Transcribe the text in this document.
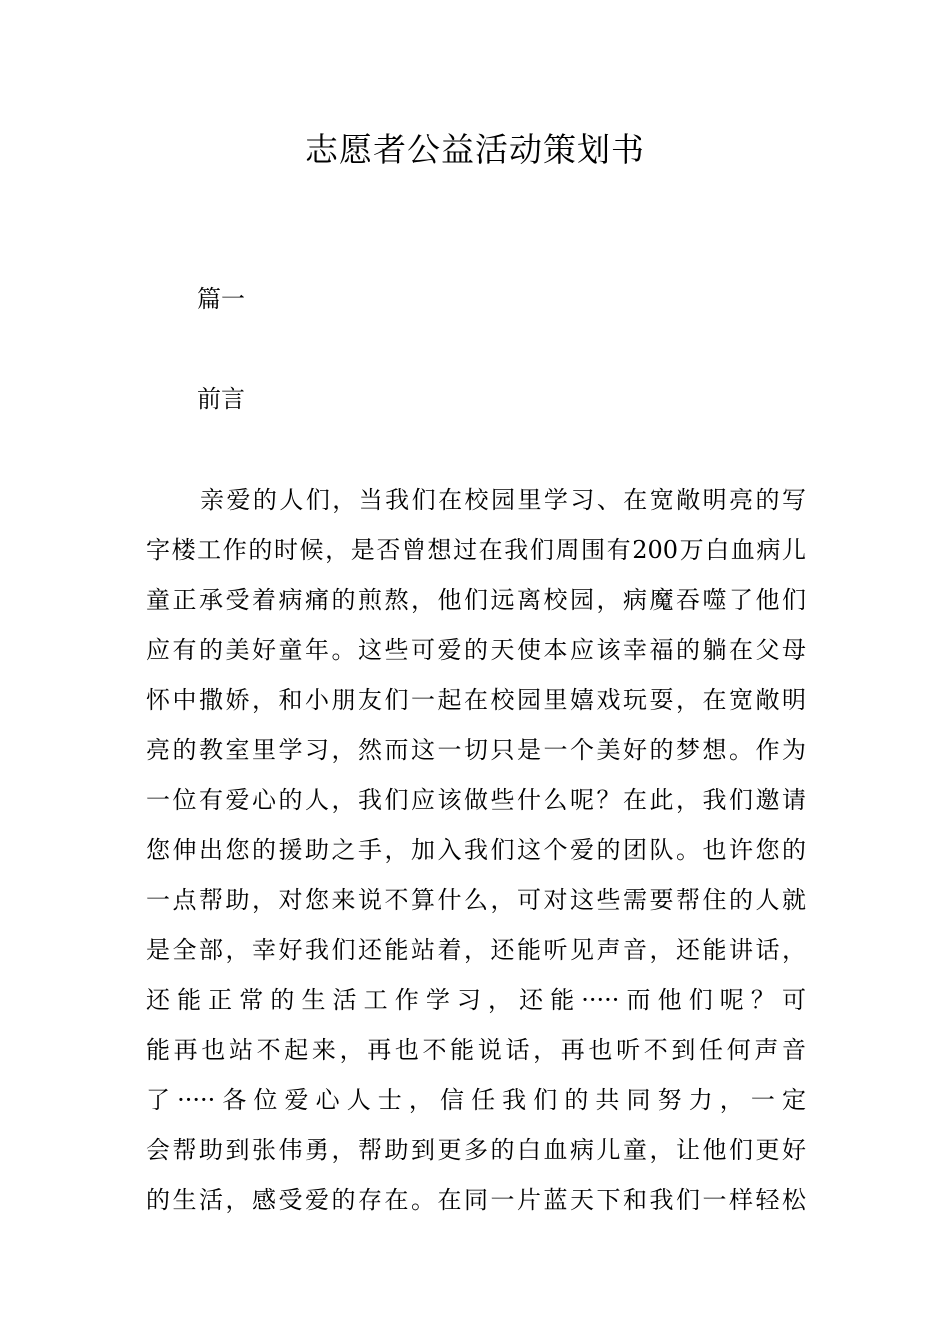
志愿者公益活动策划书
篇一
前言
亲爱的人们，当我们在校园里学习、在宽敞明亮的写
字楼工作的时候，是否曾想过在我们周围有200万白血病儿
童正承受着病痛的煎熬，他们远离校园，病魔吞噬了他们
应有的美好童年。这些可爱的天使本应该幸福的躺在父母
怀中撒娇，和小朋友们一起在校园里嬉戏玩耍，在宽敞明
亮的教室里学习，然而这一切只是一个美好的梦想。作为
一位有爱心的人，我们应该做些什么呢？在此，我们邀请
您伸出您的援助之手，加入我们这个爱的团队。也许您的
一点帮助，对您来说不算什么，可对这些需要帮住的人就
是全部，幸好我们还能站着，还能听见声音，还能讲话，
还能正常的生活工作学习，还能·····而他们呢？可
能再也站不起来，再也不能说话，再也听不到任何声音
了·····各位爱心人士，信任我们的共同努力，一定
会帮助到张伟勇，帮助到更多的白血病儿童，让他们更好
的生活，感受爱的存在。在同一片蓝天下和我们一样轻松
